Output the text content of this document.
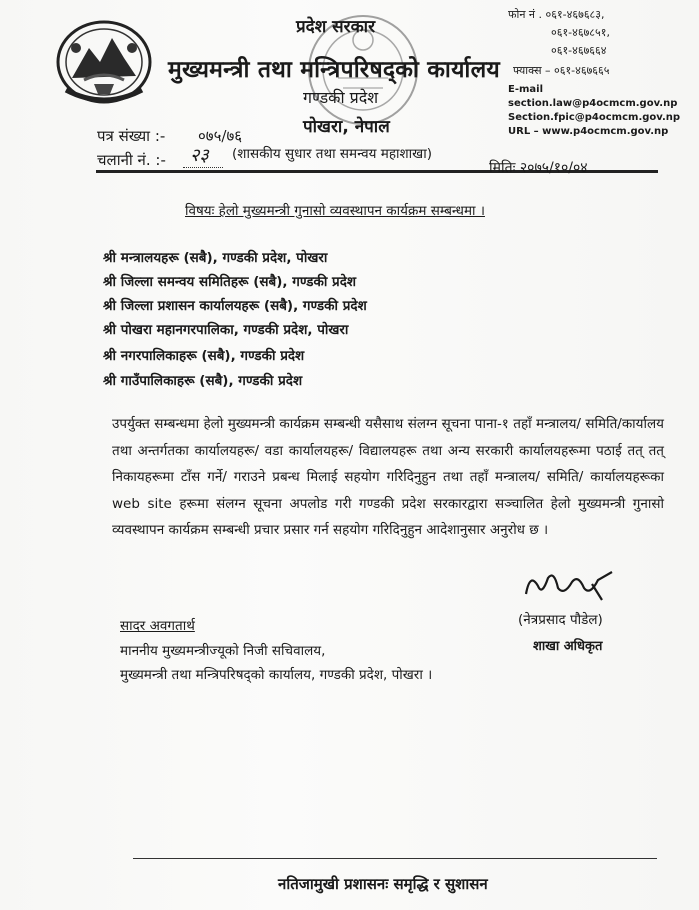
प्रदेश सरकार
मुख्यमन्त्री तथा मन्त्रिपरिषद्को कार्यालय
गण्डकी प्रदेश
पोखरा, नेपाल
फोन नं . ०६१-४६७६८३,
०६१-४६७८५१,
०६१-४६७६६४
फ्याक्स – ०६१-४६७६६५
E-mail
section.law@p4ocmcm.gov.np
Section.fpic@p4ocmcm.gov.np
URL – www.p4ocmcm.gov.np
पत्र संख्या :- ०७५/७६
चलानी नं. :- २३ (शासकीय सुधार तथा समन्वय महाशाखा)
मितिः २०७५/१०/०४
विषयः हेलो मुख्यमन्त्री गुनासो व्यवस्थापन कार्यक्रम सम्बन्धमा ।
श्री मन्त्रालयहरू (सबै), गण्डकी प्रदेश, पोखरा
श्री जिल्ला समन्वय समितिहरू (सबै), गण्डकी प्रदेश
श्री जिल्ला प्रशासन कार्यालयहरू (सबै), गण्डकी प्रदेश
श्री पोखरा महानगरपालिका, गण्डकी प्रदेश, पोखरा
श्री नगरपालिकाहरू (सबै), गण्डकी प्रदेश
श्री गाउँपालिकाहरू (सबै), गण्डकी प्रदेश
उपर्युक्त सम्बन्धमा हेलो मुख्यमन्त्री कार्यक्रम सम्बन्धी यसैसाथ संलग्न सूचना पाना-१ तहाँ मन्त्रालय/ समिति/कार्यालय तथा अन्तर्गतका कार्यालयहरू/ वडा कार्यालयहरू/ विद्यालयहरू तथा अन्य सरकारी कार्यालयहरूमा पठाई तत् तत् निकायहरूमा टाँस गर्ने/ गराउने प्रबन्ध मिलाई सहयोग गरिदिनुहुन तथा तहाँ मन्त्रालय/ समिति/ कार्यालयहरूका web site हरूमा संलग्न सूचना अपलोड गरी गण्डकी प्रदेश सरकारद्वारा सञ्चालित हेलो मुख्यमन्त्री गुनासो व्यवस्थापन कार्यक्रम सम्बन्धी प्रचार प्रसार गर्न सहयोग गरिदिनुहुन आदेशानुसार अनुरोध छ ।
(नेत्रप्रसाद पौडेल)
शाखा अधिकृत
सादर अवगतार्थ
माननीय मुख्यमन्त्रीज्यूको निजी सचिवालय,
मुख्यमन्त्री तथा मन्त्रिपरिषद्को कार्यालय, गण्डकी प्रदेश, पोखरा ।
नतिजामुखी प्रशासनः समृद्धि र सुशासन
